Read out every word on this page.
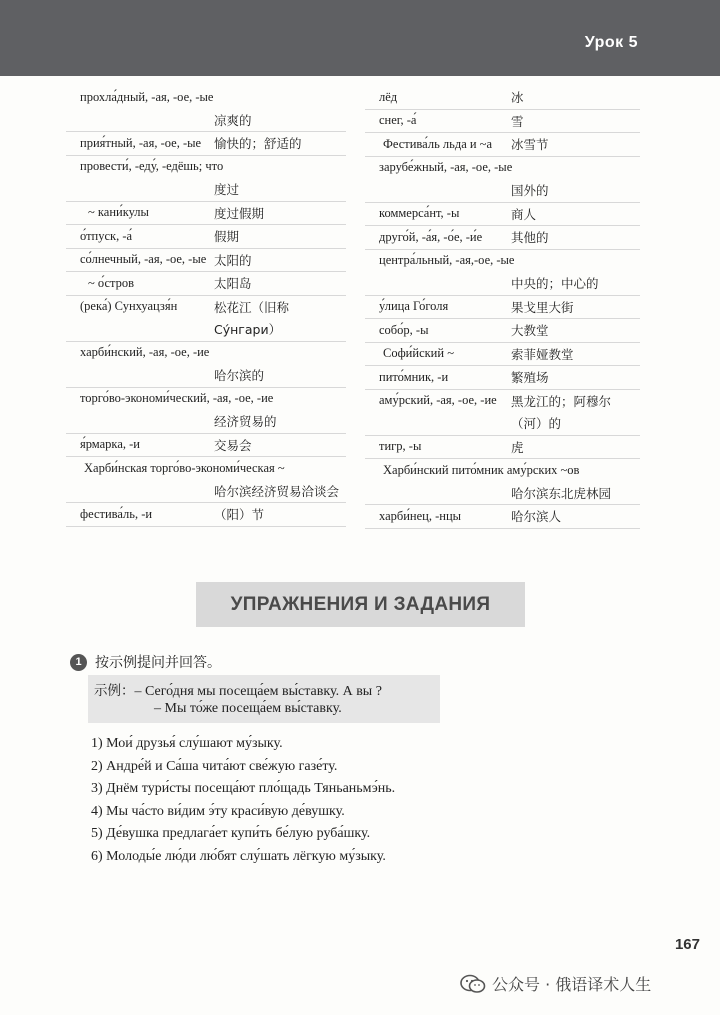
Урок 5
прохла́дный, -ая, -ое, -ые
凉爽的
прия́тный, -ая, -ое, -ые 愉快的；舒适的
провести́, -еду́, -едёшь; что
度过
~ кани́кулы	度过假期
о́тпуск, -а́	假期
со́лнечный, -ая, -ое, -ые 太阳的
~ о́стров	太阳岛
(река́) Сунхуацзя́н	松花江（旧称
Су́нгари）
харби́нский, -ая, -ое, -ие
哈尔滨的
торго́во-экономи́ческий, -ая, -ое, -ие
经济贸易的
я́рмарка, -и	交易会
Харби́нская торго́во-экономи́ческая ~
哈尔滨经济贸易洽谈会
фестива́ль, -и	（阳）节
лёд	冰
снег, -а́	雪
Фестива́ль льда и ~а 冰雪节
зарубе́жный, -ая, -ое, -ые
国外的
коммерса́нт, -ы	商人
друго́й, -а́я, -о́е, -и́е 其他的
центра́льный, -ая,-ое, -ые
中央的；中心的
у́лица Го́голя	果戈里大街
собо́р, -ы	大教堂
Софи́йский ~	索菲娅教堂
пито́мник, -и	繁殖场
аму́рский, -ая, -ое, -ие 黑龙江的；阿穆尔
（河）的
тигр, -ы	虎
Харби́нский пито́мник аму́рских ~ов
哈尔滨东北虎林园
харби́нец, -нцы	哈尔滨人
УПРАЖНЕНИЯ И ЗАДАНИЯ
1 按示例提问并回答。
示例：– Сего́дня мы посеща́ем вы́ставку. А вы ?
– Мы то́же посеща́ем вы́ставку.
1) Мои́ друзья́ слу́шают му́зыку.
2) Андре́й и Са́ша чита́ют све́жую газе́ту.
3) Днём тури́сты посеща́ют пло́щадь Тяньаньмэ́нь.
4) Мы ча́сто ви́дим э́ту краси́вую де́вушку.
5) Де́вушка предлага́ет купи́ть бе́лую руба́шку.
6) Молоды́е лю́ди лю́бят слу́шать лёгкую му́зыку.
167
公众号 · 俄语译术人生
